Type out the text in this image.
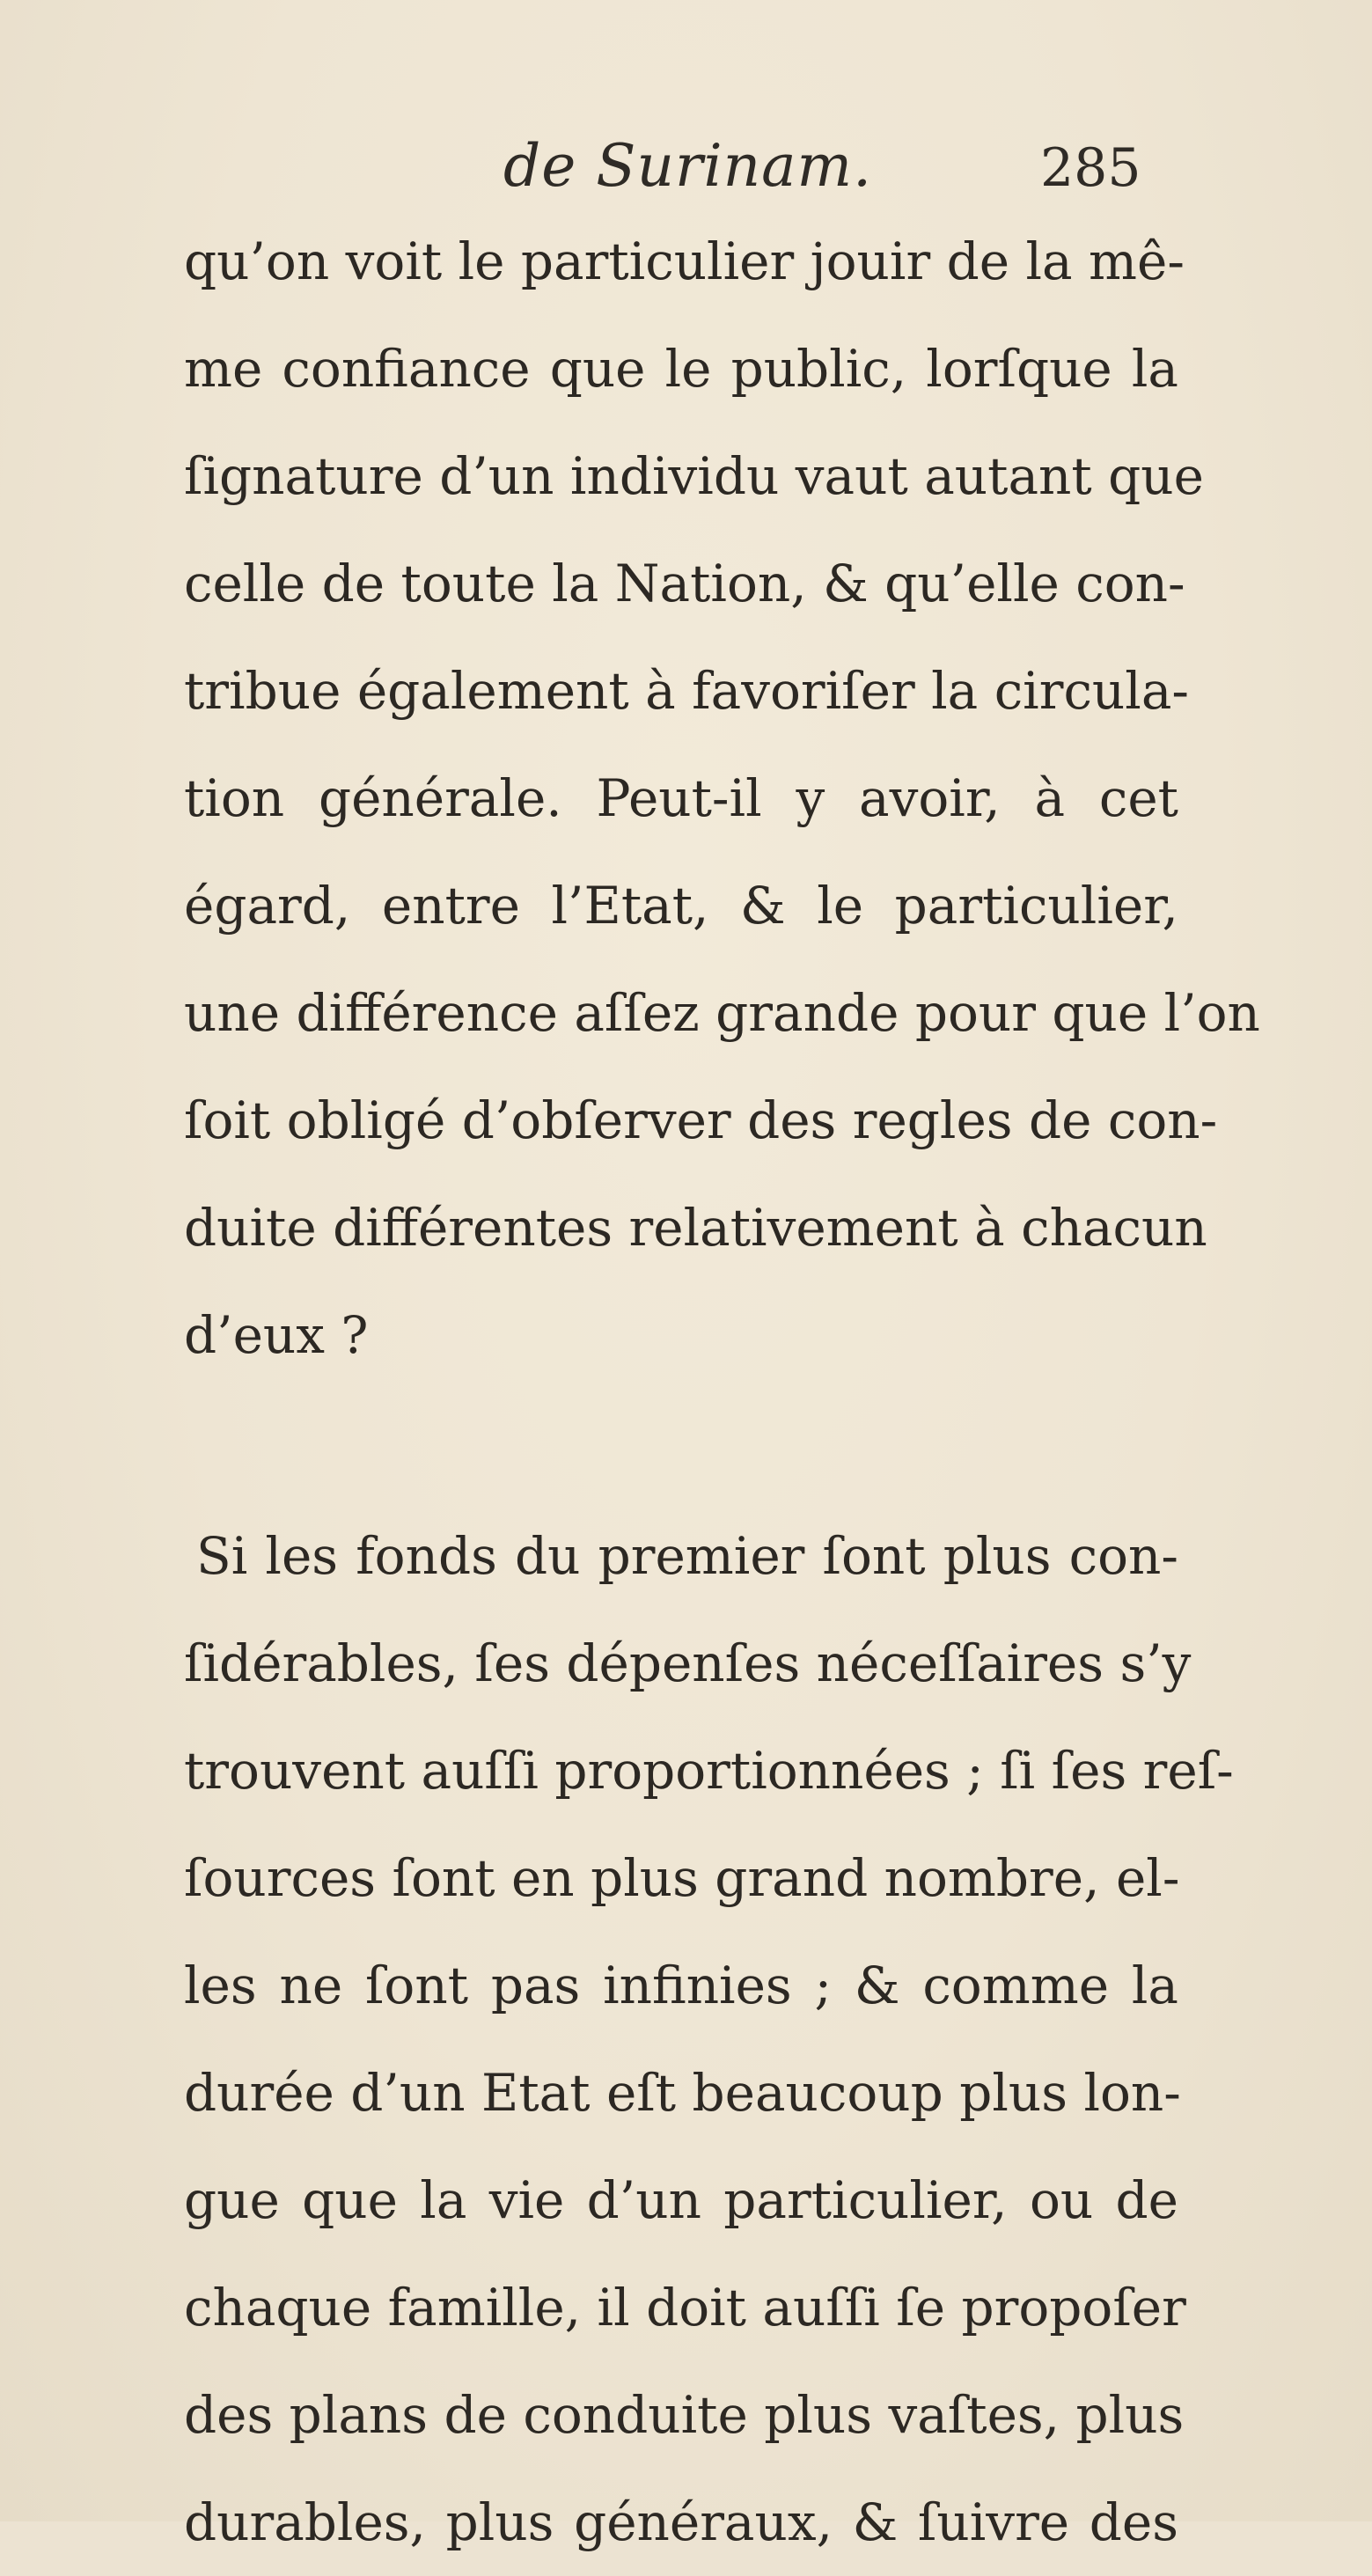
de Surinam.	285
qu’on voit le particulier jouir de la mê-
me confiance que le public, lorſque la
ſignature d’un individu vaut autant que
celle de toute la Nation, & qu’elle con-
tribue également à favoriſer la circula-
tion générale. Peut-il y avoir, à cet
égard, entre l’Etat, & le particulier,
une différence aſſez grande pour que l’on
ſoit obligé d’obſerver des regles de con-
duite différentes relativement à chacun
d’eux ?
Si les fonds du premier ſont plus con-
ſidérables, ſes dépenſes néceſſaires s’y
trouvent auſſi proportionnées ; ſi ſes reſ-
ſources ſont en plus grand nombre, el-
les ne ſont pas infinies ; & comme la
durée d’un Etat eſt beaucoup plus lon-
gue que la vie d’un particulier, ou de
chaque famille, il doit auſſi ſe propoſer
des plans de conduite plus vaſtes, plus
durables, plus généraux, & ſuivre des
